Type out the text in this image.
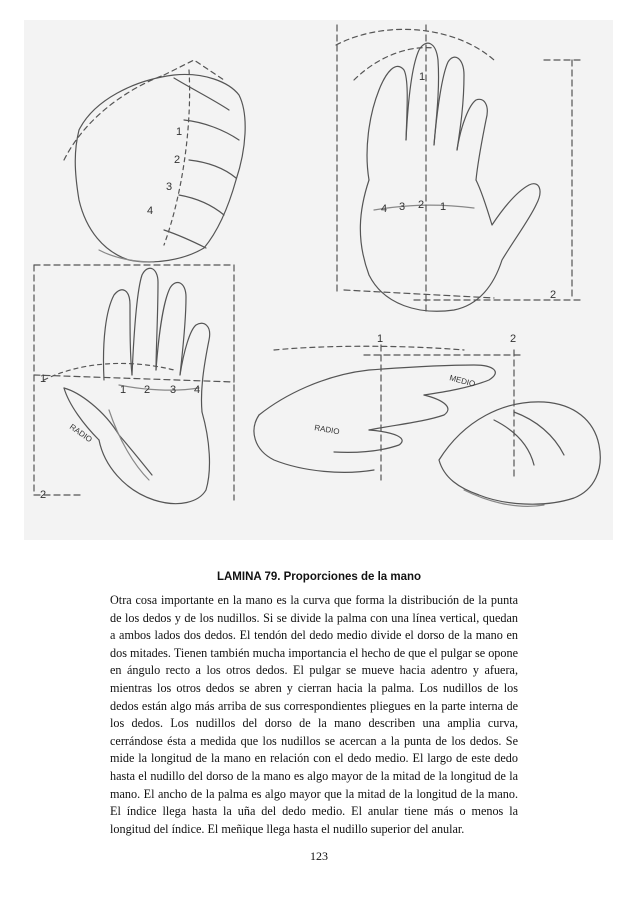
1
2
3
4
1
4 3 2 1
2
1
1 2 3 4
2
RADIO
1	2
RADIO
MEDIO
LAMINA 79. Proporciones de la mano

Otra cosa importante en la mano es la curva que forma la distribución de la punta de los dedos y de los nudillos. Si se divide la palma con una línea vertical, quedan a ambos lados dos dedos. El tendón del dedo medio divide el dorso de la mano en dos mitades. Tienen también mucha importancia el hecho de que el pulgar se opone en ángulo recto a los otros dedos. El pulgar se mueve hacia adentro y afuera, mientras los otros dedos se abren y cierran hacia la palma. Los nudillos de los dedos están algo más arriba de sus correspondientes pliegues en la parte interna de los dedos. Los nudillos del dorso de la mano describen una amplia curva, cerrándose ésta a medida que los nudillos se acercan a la punta de los dedos. Se mide la longitud de la mano en relación con el dedo medio. El largo de este dedo hasta el nudillo del dorso de la mano es algo mayor de la mitad de la longitud de la mano. El ancho de la palma es algo mayor que la mitad de la longitud de la mano. El índice llega hasta la uña del dedo medio. El anular tiene más o menos la longitud del índice. El meñique llega hasta el nudillo superior del anular.

123
